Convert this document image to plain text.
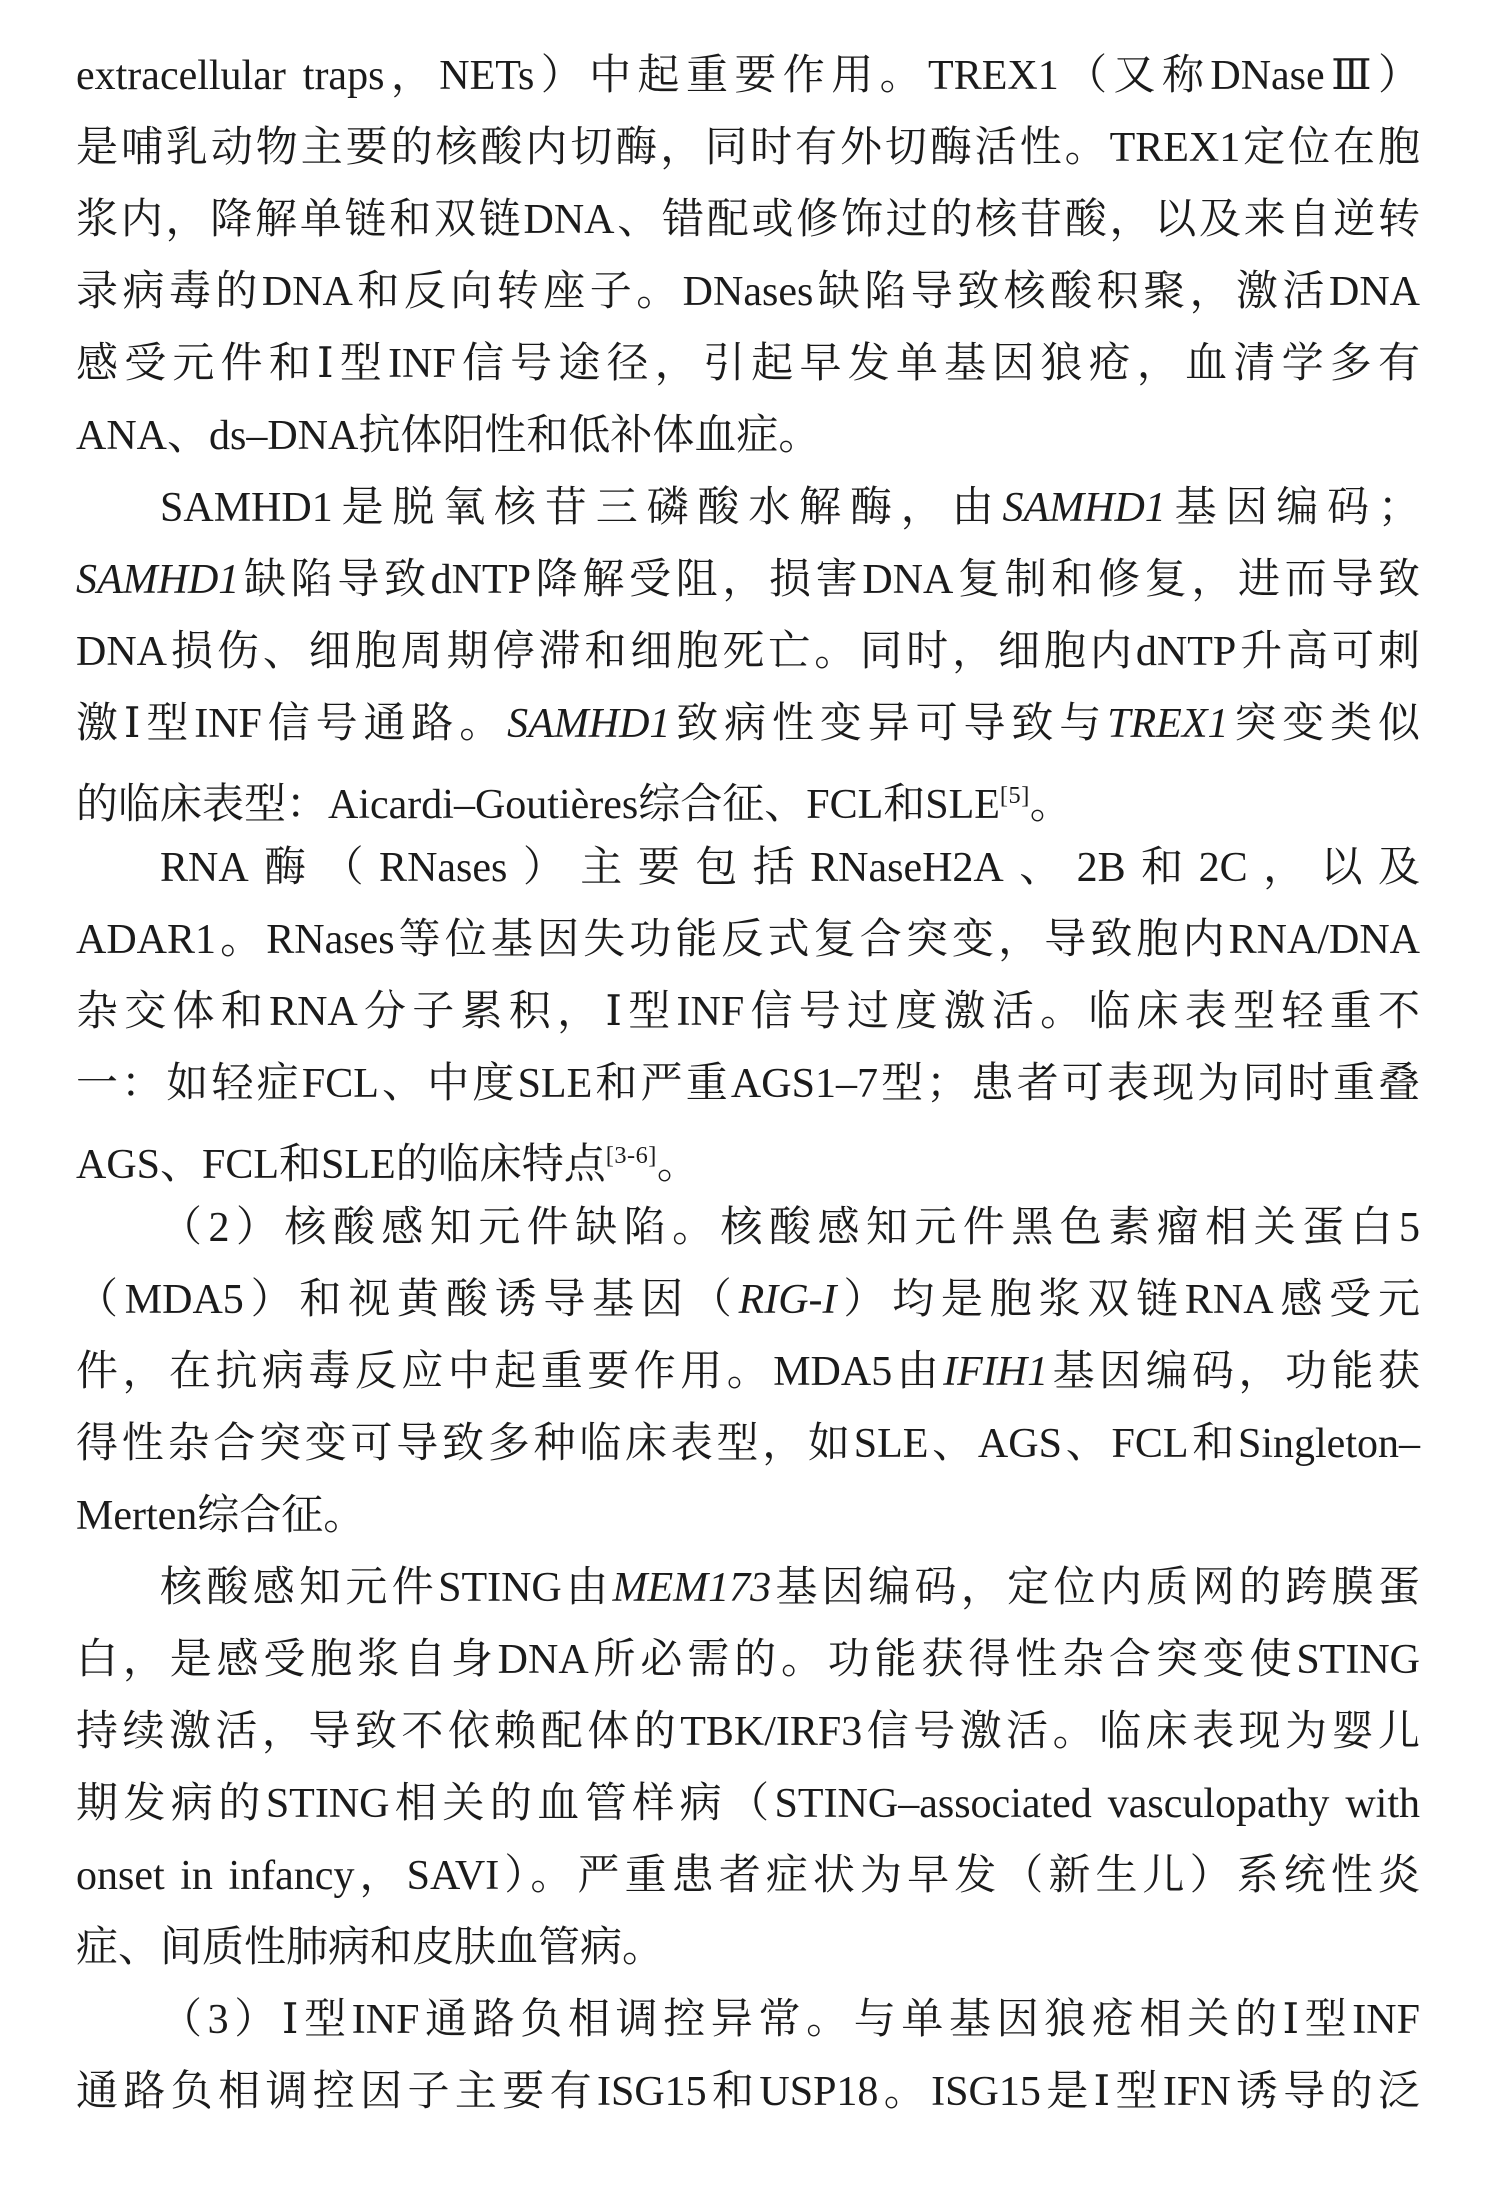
extracellular traps，NETs）中起重要作用。TREX1（又称DNaseⅢ）
是哺乳动物主要的核酸内切酶，同时有外切酶活性。TREX1定位在胞
浆内，降解单链和双链DNA、错配或修饰过的核苷酸，以及来自逆转
录病毒的DNA和反向转座子。DNases缺陷导致核酸积聚，激活DNA
感受元件和Ⅰ型INF信号途径，引起早发单基因狼疮，血清学多有
ANA、ds–DNA抗体阳性和低补体血症。
SAMHD1是脱氧核苷三磷酸水解酶，由SAMHD1基因编码；
SAMHD1缺陷导致dNTP降解受阻，损害DNA复制和修复，进而导致
DNA损伤、细胞周期停滞和细胞死亡。同时，细胞内dNTP升高可刺
激Ⅰ型INF信号通路。SAMHD1致病性变异可导致与TREX1突变类似
的临床表型：Aicardi–Goutières综合征、FCL和SLE[5]。
RNA酶（RNases）主要包括RNaseH2A、2B和2C，以及
ADAR1。RNases等位基因失功能反式复合突变，导致胞内RNA/DNA
杂交体和RNA分子累积，Ⅰ型INF信号过度激活。临床表型轻重不
一：如轻症FCL、中度SLE和严重AGS1–7型；患者可表现为同时重叠
AGS、FCL和SLE的临床特点[3-6]。
（2）核酸感知元件缺陷。核酸感知元件黑色素瘤相关蛋白5
（MDA5）和视黄酸诱导基因（RIG-I）均是胞浆双链RNA感受元
件，在抗病毒反应中起重要作用。MDA5由IFIH1基因编码，功能获
得性杂合突变可导致多种临床表型，如SLE、AGS、FCL和Singleton–
Merten综合征。
核酸感知元件STING由MEM173基因编码，定位内质网的跨膜蛋
白，是感受胞浆自身DNA所必需的。功能获得性杂合突变使STING
持续激活，导致不依赖配体的TBK/IRF3信号激活。临床表现为婴儿
期发病的STING相关的血管样病（STING–associated vasculopathy with
onset in infancy，SAVI）。严重患者症状为早发（新生儿）系统性炎
症、间质性肺病和皮肤血管病。
（3）Ⅰ型INF通路负相调控异常。与单基因狼疮相关的Ⅰ型INF
通路负相调控因子主要有ISG15和USP18。ISG15是Ⅰ型IFN诱导的泛
